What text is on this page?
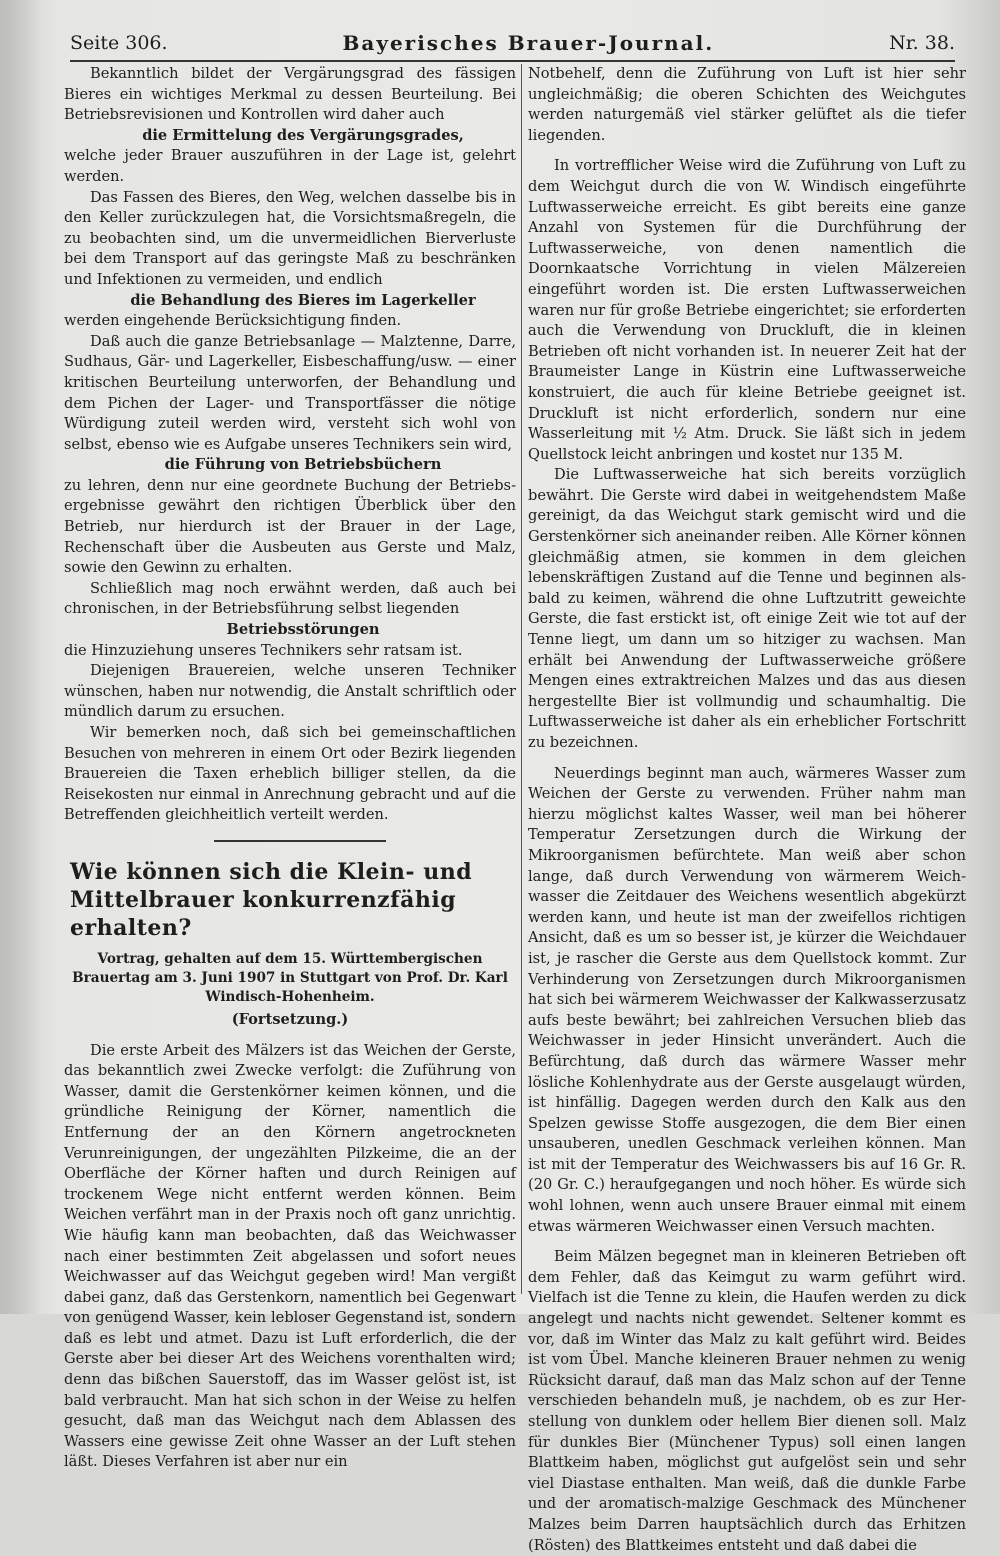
Seite 306.	Bayerisches Brauer-Journal.	Nr. 38.

Bekanntlich bildet der Vergärungsgrad des fässigen Bieres ein wichtiges Merkmal zu dessen Beurteilung. Bei Betriebsrevisionen und Kontrollen wird daher auch

die Ermittelung des Vergärungsgrades,

welche jeder Brauer auszuführen in der Lage ist, gelehrt werden.

Das Fassen des Bieres, den Weg, welchen dasselbe bis in den Keller zurückzulegen hat, die Vorsichtsmaßregeln, die zu beobachten sind, um die unvermeidlichen Bierverluste bei dem Transport auf das geringste Maß zu beschränken und Infektionen zu vermeiden, und endlich

die Behandlung des Bieres im Lagerkeller

werden eingehende Berücksichtigung finden.

Daß auch die ganze Betriebsanlage — Malztenne, Darre, Sudhaus, Gär- und Lagerkeller, Eisbeschaffung/usw. — einer kritischen Beurteilung unterworfen, der Behandlung und dem Pichen der Lager- und Transportfässer die nötige Würdigung zuteil werden wird, versteht sich wohl von selbst, ebenso wie es Aufgabe unseres Technikers sein wird,

die Führung von Betriebsbüchern

zu lehren, denn nur eine geordnete Buchung der Betriebsergebnisse gewährt den richtigen Überblick über den Betrieb, nur hierdurch ist der Brauer in der Lage, Rechenschaft über die Ausbeuten aus Gerste und Malz, sowie den Gewinn zu erhalten.

Schließlich mag noch erwähnt werden, daß auch bei chronischen, in der Betriebsführung selbst liegenden

Betriebsstörungen

die Hinzuziehung unseres Technikers sehr ratsam ist.

Diejenigen Brauereien, welche unseren Techniker wünschen, haben nur notwendig, die Anstalt schriftlich oder mündlich darum zu ersuchen.

Wir bemerken noch, daß sich bei gemeinschaftlichen Besuchen von mehreren in einem Ort oder Bezirk liegenden Brauereien die Taxen erheblich billiger stellen, da die Reisekosten nur einmal in Anrechnung gebracht und auf die Betreffenden gleichheitlich verteilt werden.

Wie können sich die Klein- und Mittelbrauer konkurrenzfähig erhalten?
Vortrag, gehalten auf dem 15. Württembergischen Brauertag am 3. Juni 1907 in Stuttgart von Prof. Dr. Karl Windisch-Hohenheim.
(Fortsetzung.)

Die erste Arbeit des Mälzers ist das Weichen der Gerste, das bekanntlich zwei Zwecke verfolgt: die Zuführung von Wasser, damit die Gerstenkörner keimen können, und die gründliche Reinigung der Körner, namentlich die Entfernung der an den Körnern angetrockneten Verunreinigungen, der ungezählten Pilzkeime, die an der Oberfläche der Körner haften und durch Reinigen auf trockenem Wege nicht entfernt werden können. Beim Weichen verfährt man in der Praxis noch oft ganz unrichtig. Wie häufig kann man beobachten, daß das Weichwasser nach einer bestimmten Zeit abgelassen und sofort neues Weichwasser auf das Weichgut gegeben wird! Man vergißt dabei ganz, daß das Gerstenkorn, namentlich bei Gegenwart von genügend Wasser, kein lebloser Gegenstand ist, sondern daß es lebt und atmet. Dazu ist Luft erforderlich, die der Gerste aber bei dieser Art des Weichens vorenthalten wird; denn das bißchen Sauerstoff, das im Wasser gelöst ist, ist bald verbraucht. Man hat sich schon in der Weise zu helfen gesucht, daß man das Weichgut nach dem Ablassen des Wassers eine gewisse Zeit ohne Wasser an der Luft stehen läßt. Dieses Verfahren ist aber nur ein

Notbehelf, denn die Zuführung von Luft ist hier sehr ungleichmäßig; die oberen Schichten des Weichgutes werden naturgemäß viel stärker gelüftet als die tiefer liegenden.

In vortrefflicher Weise wird die Zuführung von Luft zu dem Weichgut durch die von W. Windisch eingeführte Luftwasserweiche erreicht. Es gibt bereits eine ganze Anzahl von Systemen für die Durchführung der Luftwasserweiche, von denen namentlich die Doornkaatsche Vorrichtung in vielen Mälzereien eingeführt worden ist. Die ersten Luftwasserweichen waren nur für große Betriebe eingerichtet; sie erforderten auch die Verwendung von Druckluft, die in kleinen Betrieben oft nicht vorhanden ist. In neuerer Zeit hat der Braumeister Lange in Küstrin eine Luftwasserweiche konstruiert, die auch für kleine Betriebe geeignet ist. Druckluft ist nicht erforderlich, sondern nur eine Wasserleitung mit ½ Atm. Druck. Sie läßt sich in jedem Quellstock leicht anbringen und kostet nur 135 M.

Die Luftwasserweiche hat sich bereits vorzüglich bewährt. Die Gerste wird dabei in weitgehendstem Maße gereinigt, da das Weichgut stark gemischt wird und die Gerstenkörner sich aneinander reiben. Alle Körner können gleichmäßig atmen, sie kommen in dem gleichen lebenskräftigen Zustand auf die Tenne und beginnen alsbald zu keimen, während die ohne Luftzutritt geweichte Gerste, die fast erstickt ist, oft einige Zeit wie tot auf der Tenne liegt, um dann um so hitziger zu wachsen. Man erhält bei Anwendung der Luftwasserweiche größere Mengen eines extraktreichen Malzes und das aus diesen hergestellte Bier ist vollmundig und schaumhaltig. Die Luftwasserweiche ist daher als ein erheblicher Fortschritt zu bezeichnen.

Neuerdings beginnt man auch, wärmeres Wasser zum Weichen der Gerste zu verwenden. Früher nahm man hierzu möglichst kaltes Wasser, weil man bei höherer Temperatur Zersetzungen durch die Wirkung der Mikroorganismen befürchtete. Man weiß aber schon lange, daß durch Verwendung von wärmerem Weichwasser die Zeitdauer des Weichens wesentlich abgekürzt werden kann, und heute ist man der zweifellos richtigen Ansicht, daß es um so besser ist, je kürzer die Weichdauer ist, je rascher die Gerste aus dem Quellstock kommt. Zur Verhinderung von Zersetzungen durch Mikroorganismen hat sich bei wärmerem Weichwasser der Kalkwasserzusatz aufs beste bewährt; bei zahlreichen Versuchen blieb das Weichwasser in jeder Hinsicht unverändert. Auch die Befürchtung, daß durch das wärmere Wasser mehr lösliche Kohlenhydrate aus der Gerste ausgelaugt würden, ist hinfällig. Dagegen werden durch den Kalk aus den Spelzen gewisse Stoffe ausgezogen, die dem Bier einen unsauberen, unedlen Geschmack verleihen können. Man ist mit der Temperatur des Weichwassers bis auf 16 Gr. R. (20 Gr. C.) heraufgegangen und noch höher. Es würde sich wohl lohnen, wenn auch unsere Brauer einmal mit einem etwas wärmeren Weichwasser einen Versuch machten.

Beim Mälzen begegnet man in kleineren Betrieben oft dem Fehler, daß das Keimgut zu warm geführt wird. Vielfach ist die Tenne zu klein, die Haufen werden zu dick angelegt und nachts nicht gewendet. Seltener kommt es vor, daß im Winter das Malz zu kalt geführt wird. Beides ist vom Übel. Manche kleineren Brauer nehmen zu wenig Rücksicht darauf, daß man das Malz schon auf der Tenne verschieden behandeln muß, je nachdem, ob es zur Herstellung von dunklem oder hellem Bier dienen soll. Malz für dunkles Bier (Münchener Typus) soll einen langen Blattkeim haben, möglichst gut aufgelöst sein und sehr viel Diastase enthalten. Man weiß, daß die dunkle Farbe und der aromatisch-malzige Geschmack des Münchener Malzes beim Darren hauptsächlich durch das Erhitzen (Rösten) des Blattkeimes entsteht und daß dabei die
